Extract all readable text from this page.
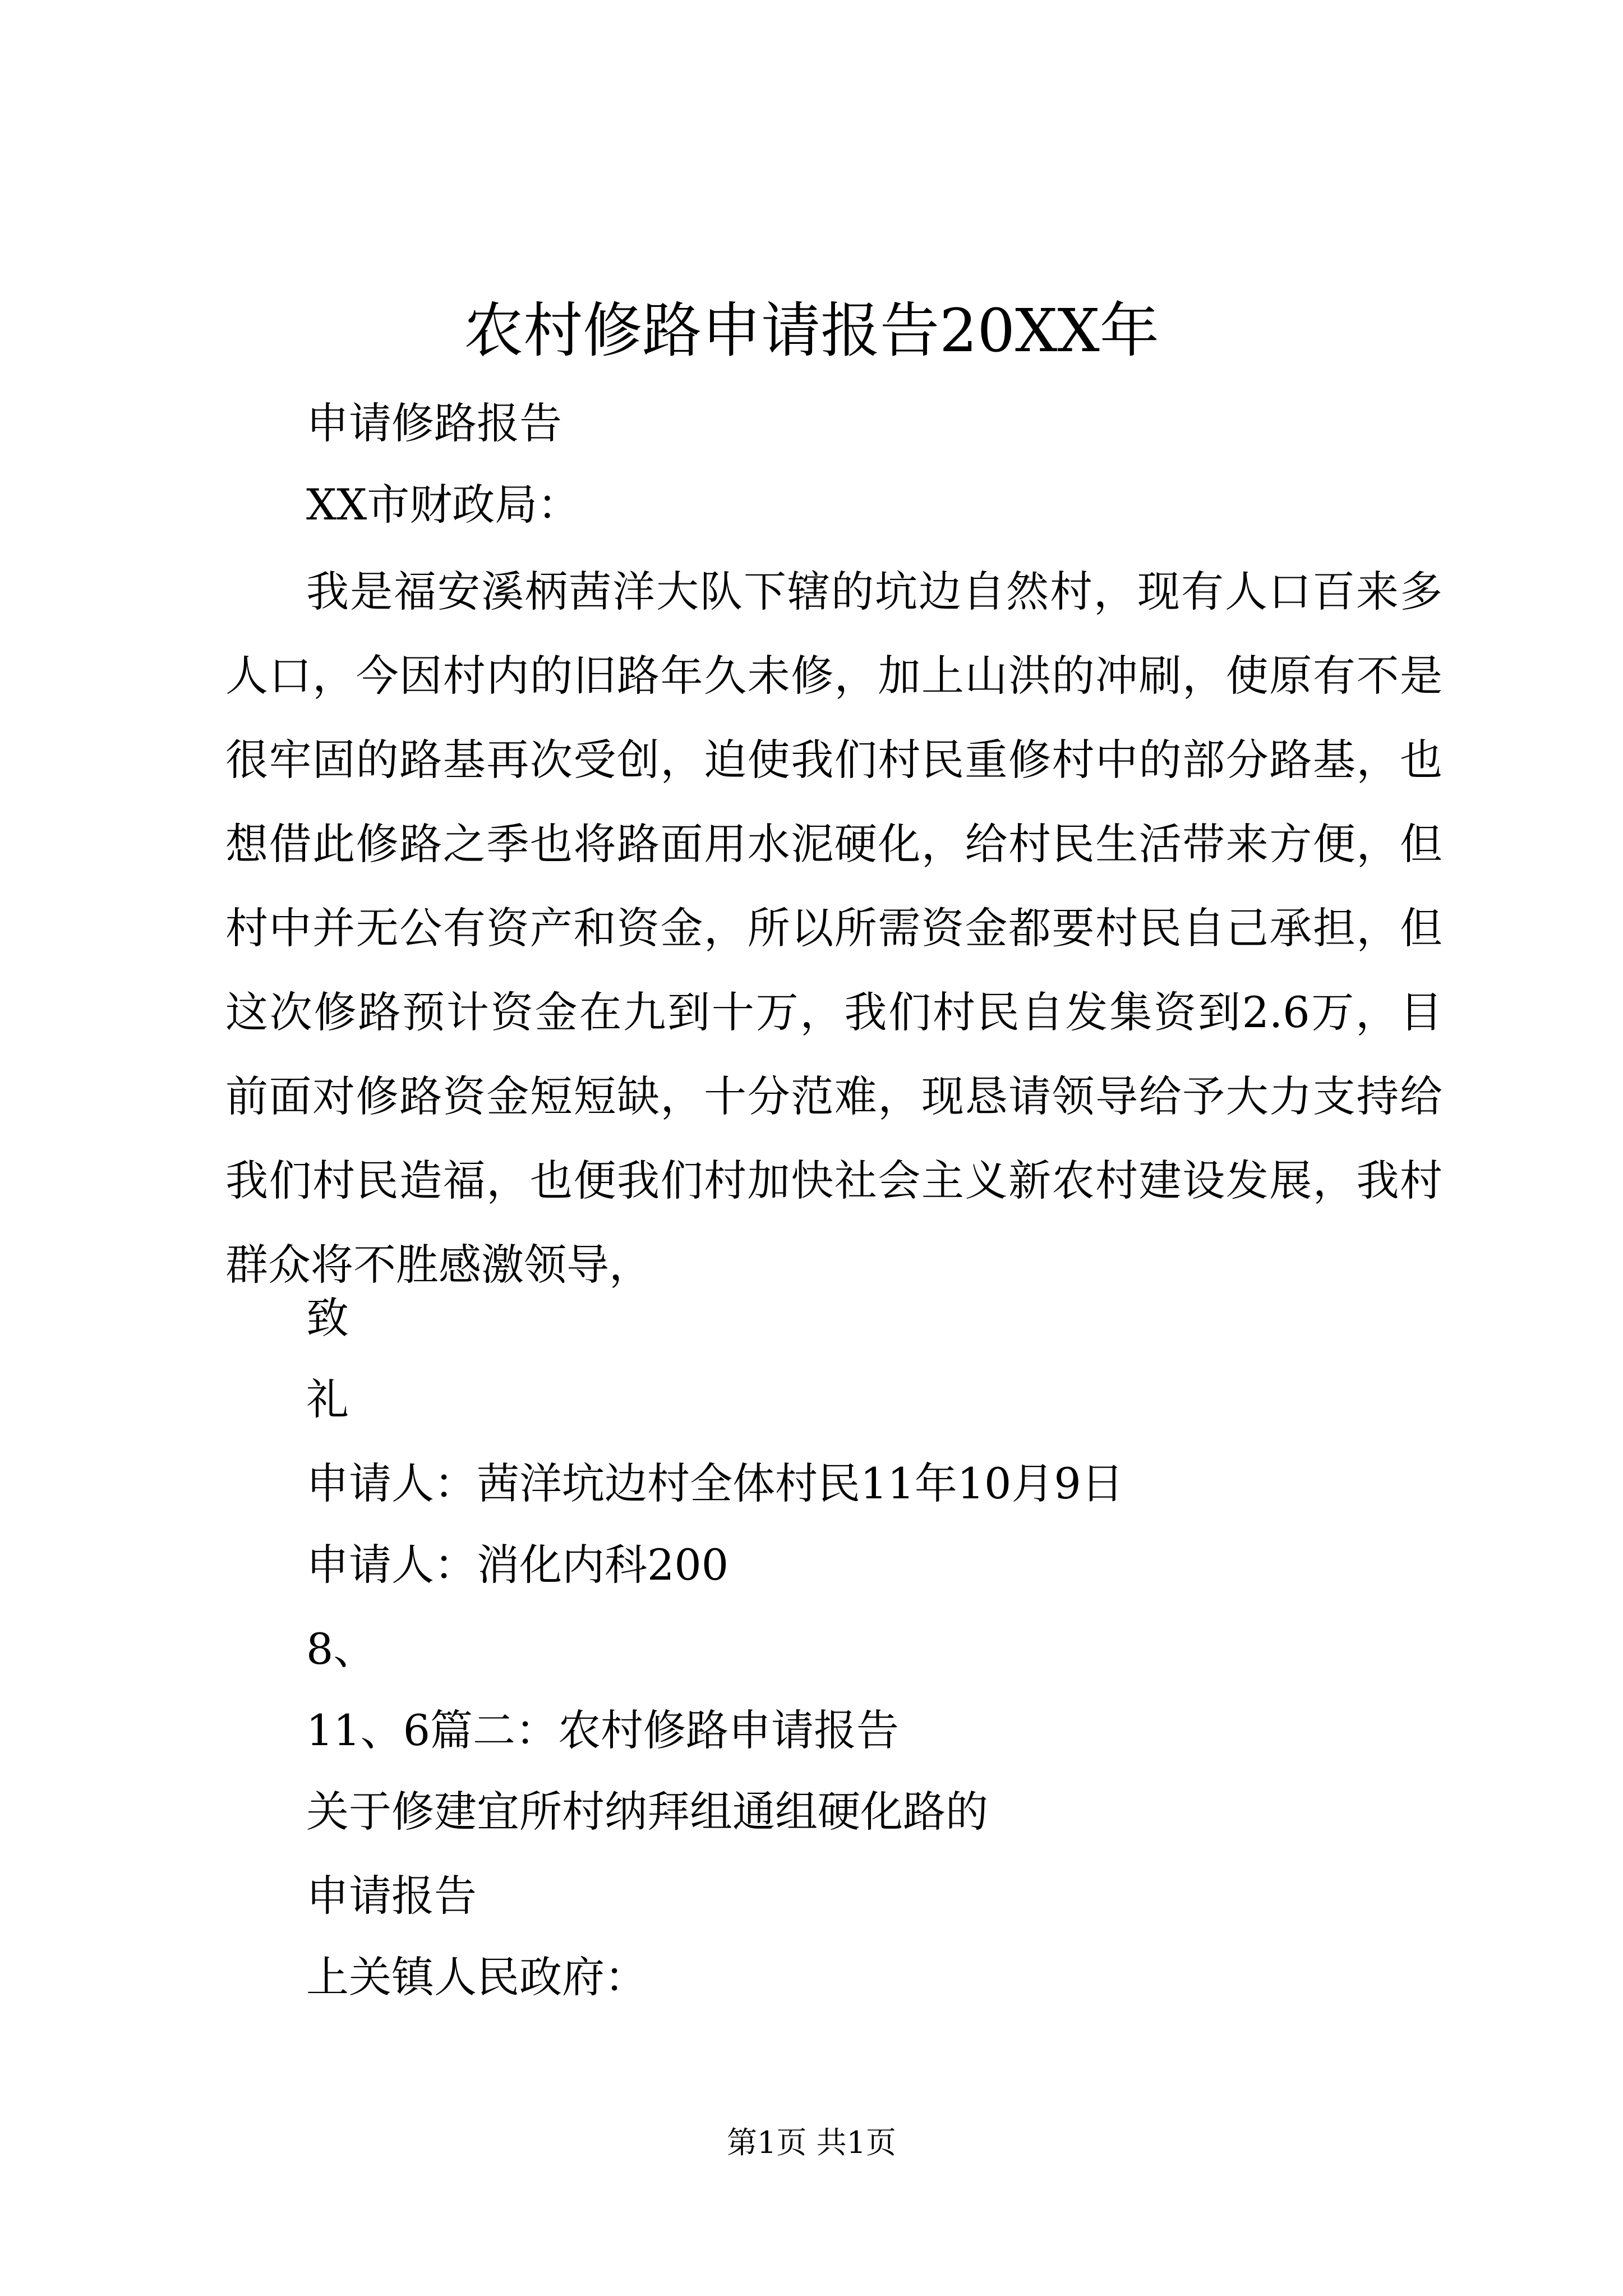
农村修路申请报告20XX年

申请修路报告

XX市财政局：

我是福安溪柄茜洋大队下辖的坑边自然村，现有人口百来多人口，今因村内的旧路年久未修，加上山洪的冲刷，使原有不是很牢固的路基再次受创，迫使我们村民重修村中的部分路基，也想借此修路之季也将路面用水泥硬化，给村民生活带来方便，但村中并无公有资产和资金，所以所需资金都要村民自己承担，但这次修路预计资金在九到十万，我们村民自发集资到2.6万，目前面对修路资金短短缺，十分范难，现恳请领导给予大力支持给我们村民造福，也便我们村加快社会主义新农村建设发展，我村群众将不胜感激领导，

致

礼

申请人：茜洋坑边村全体村民11年10月9日

申请人：消化内科200

8、

11、6篇二：农村修路申请报告

关于修建宜所村纳拜组通组硬化路的

申请报告

上关镇人民政府：

第1页 共1页
